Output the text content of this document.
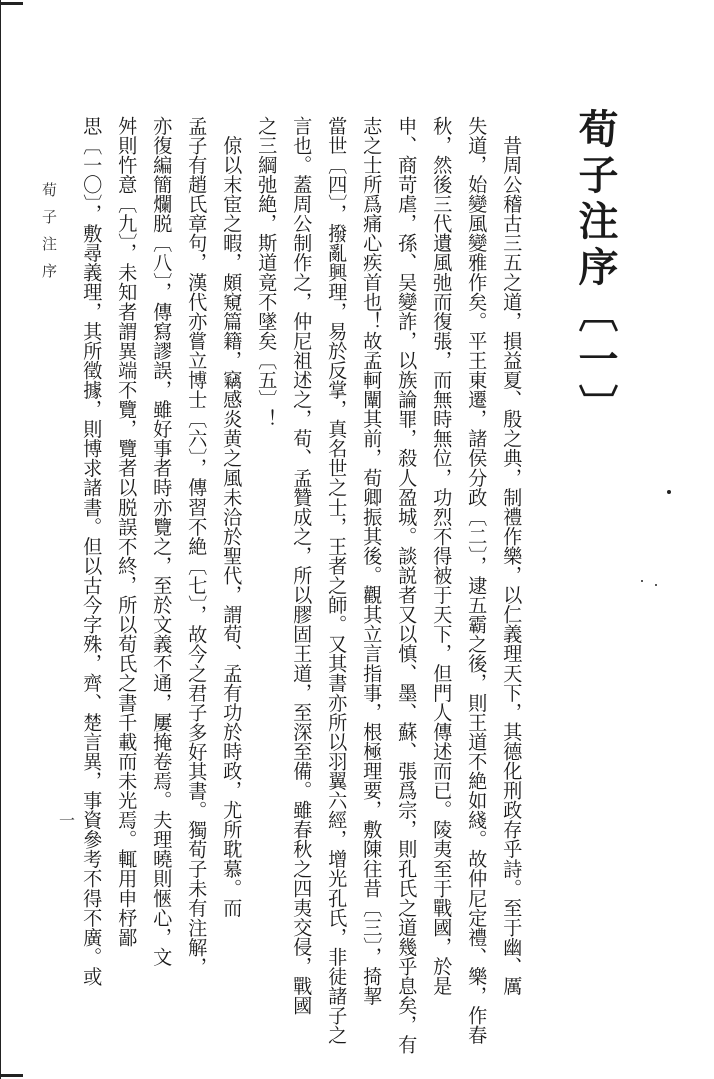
荀子注序〔一〕
　昔周公稽古三五之道，損益夏、殷之典，制禮作樂，以仁義理天下，其德化刑政存乎詩。至于幽、厲
失道，始變風變雅作矣。平王東遷，諸侯分政〔二〕，逮五霸之後，則王道不絶如綫。故仲尼定禮、樂，作春
秋，然後三代遺風弛而復張，而無時無位，功烈不得被于天下，但門人傳述而已。陵夷至于戰國，於是
申、商苛虐，孫、吴變詐，以族論罪，殺人盈城。談説者又以慎、墨、蘇、張爲宗，則孔氏之道幾乎息矣，有
志之士所爲痛心疾首也！故孟軻闡其前，荀卿振其後。觀其立言指事，根極理要，敷陳往昔〔三〕，掎挈
當世〔四〕，撥亂興理，易於反掌，真名世之士，王者之師。又其書亦所以羽翼六經，增光孔氏，非徒諸子之
言也。蓋周公制作之，仲尼祖述之，荀、孟贊成之，所以膠固王道，至深至備。雖春秋之四夷交侵，戰國
之三綱弛絶，斯道竟不墜矣〔五〕！
　倞以末宦之暇，頗窺篇籍，竊感炎黄之風未洽於聖代，謂荀、孟有功於時政，尤所耽慕。而
孟子有趙氏章句，漢代亦嘗立博士〔六〕，傳習不絶〔七〕，故今之君子多好其書。獨荀子未有注解，
亦復編簡爛脱〔八〕，傳寫謬誤，雖好事者時亦覽之，至於文義不通，屢掩卷焉。夫理曉則愜心，文
舛則忤意〔九〕，未知者謂異端不覽，覽者以脱誤不終，所以荀氏之書千載而未光焉。輒用申杼鄙
思〔一〇〕，敷尋義理，其所徵據，則博求諸書。但以古今字殊，齊、楚言異，事資參考不得不廣。或
荀子注序
一
